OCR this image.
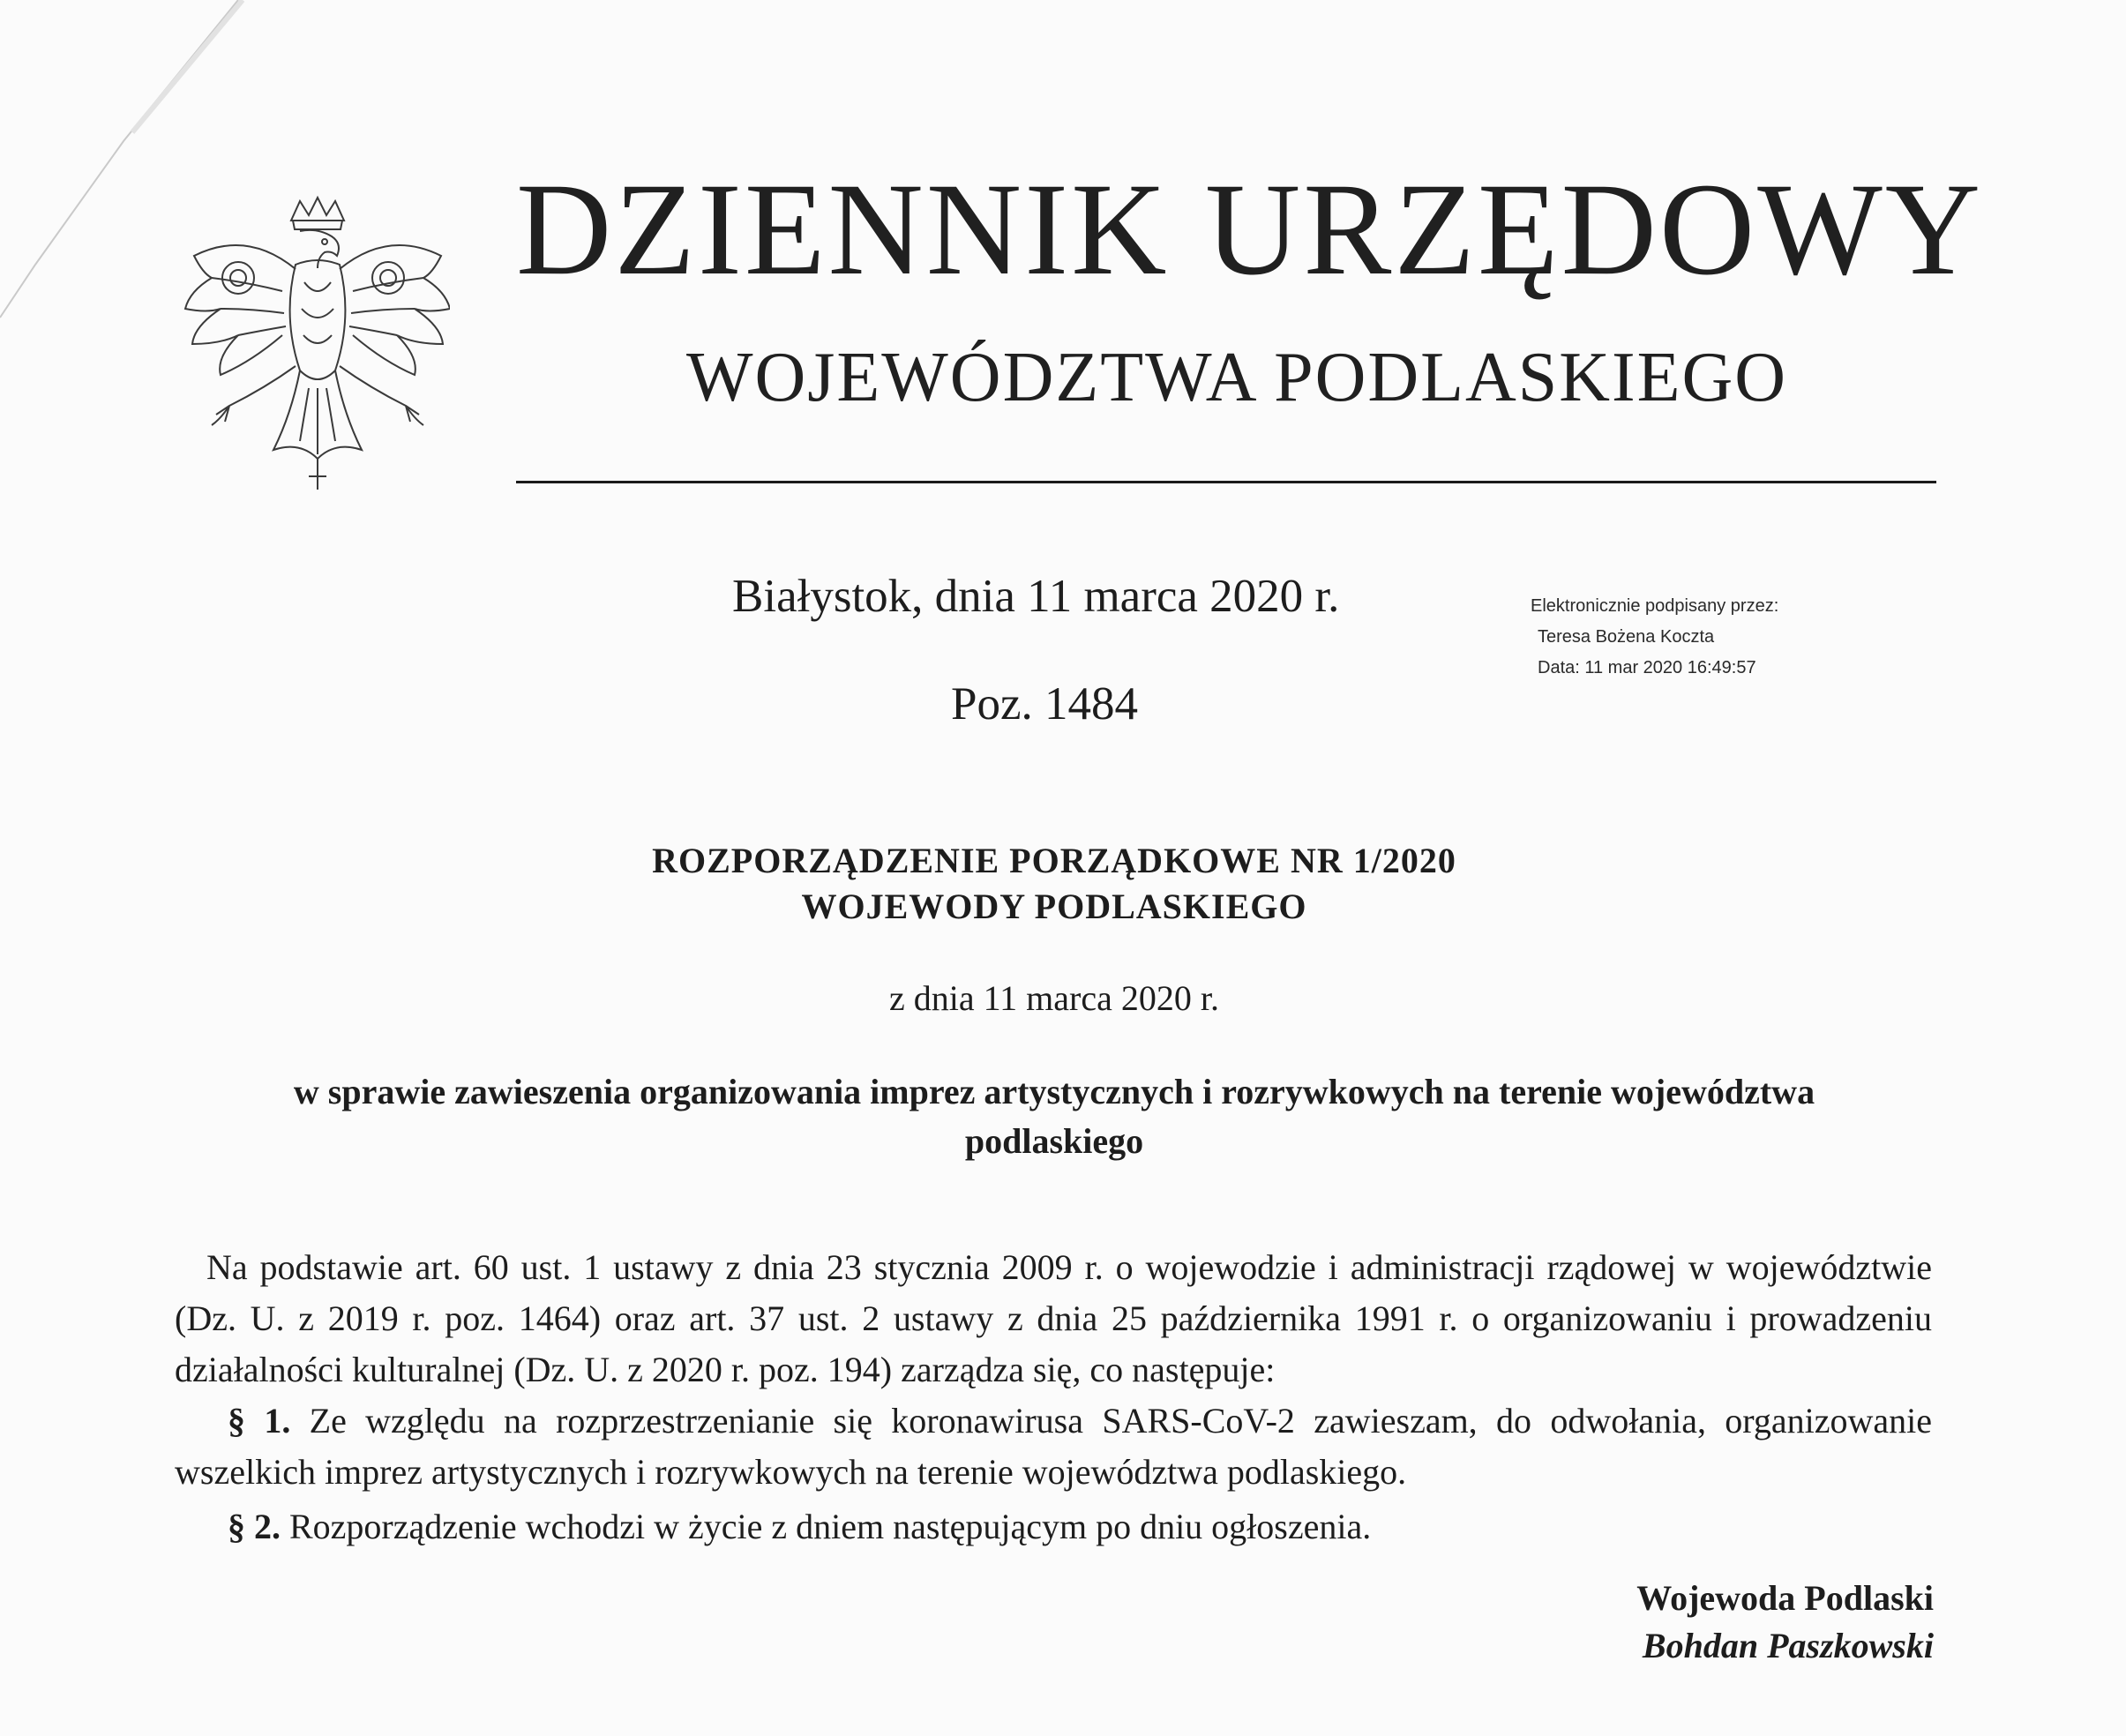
DZIENNIK URZĘDOWY
WOJEWÓDZTWA PODLASKIEGO
Białystok, dnia 11 marca 2020 r.
Poz. 1484
Elektronicznie podpisany przez:
Teresa Bożena Koczta
Data: 11 mar 2020 16:49:57
ROZPORZĄDZENIE PORZĄDKOWE NR 1/2020
WOJEWODY PODLASKIEGO
z dnia 11 marca 2020 r.
w sprawie zawieszenia organizowania imprez artystycznych i rozrywkowych na terenie województwa
podlaskiego
Na podstawie art. 60 ust. 1 ustawy z dnia 23 stycznia 2009 r. o wojewodzie i administracji rządowej w województwie (Dz. U. z 2019 r. poz. 1464) oraz art. 37 ust. 2 ustawy z dnia 25 października 1991 r. o organizowaniu i prowadzeniu działalności kulturalnej (Dz. U. z 2020 r. poz. 194) zarządza się, co następuje:
§ 1. Ze względu na rozprzestrzenianie się koronawirusa SARS-CoV-2 zawieszam, do odwołania, organizowanie wszelkich imprez artystycznych i rozrywkowych na terenie województwa podlaskiego.
§ 2. Rozporządzenie wchodzi w życie z dniem następującym po dniu ogłoszenia.
Wojewoda Podlaski
Bohdan Paszkowski
